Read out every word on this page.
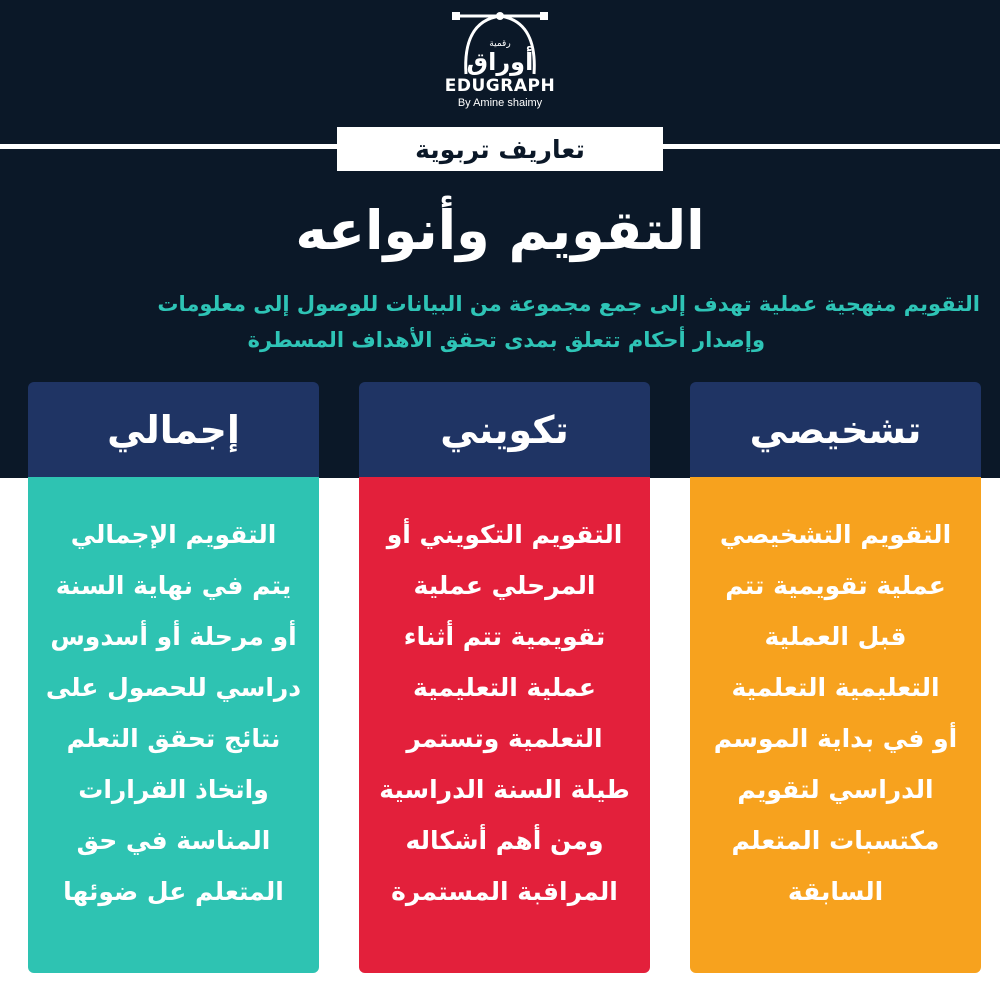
رقمية
أوراق
EDUGRAPH
By Amine shaimy
تعاريف تربوية
التقويم وأنواعه
التقويم منهجية عملية تهدف إلى جمع مجموعة من البيانات للوصول إلى معلومات
وإصدار أحكام تتعلق بمدى تحقق الأهداف المسطرة
تشخيصي
التقويم التشخيصي
عملية تقويمية تتم
قبل العملية
التعليمية التعلمية
أو في بداية الموسم
الدراسي لتقويم
مكتسبات المتعلم
السابقة
تكويني
التقويم التكويني أو
المرحلي عملية
تقويمية تتم أثناء
عملية التعليمية
التعلمية وتستمر
طيلة السنة الدراسية
ومن أهم أشكاله
المراقبة المستمرة
إجمالي
التقويم الإجمالي
يتم في نهاية السنة
أو مرحلة أو أسدوس
دراسي للحصول على
نتائج تحقق التعلم
واتخاذ القرارات
المناسة في حق
المتعلم عل ضوئها
